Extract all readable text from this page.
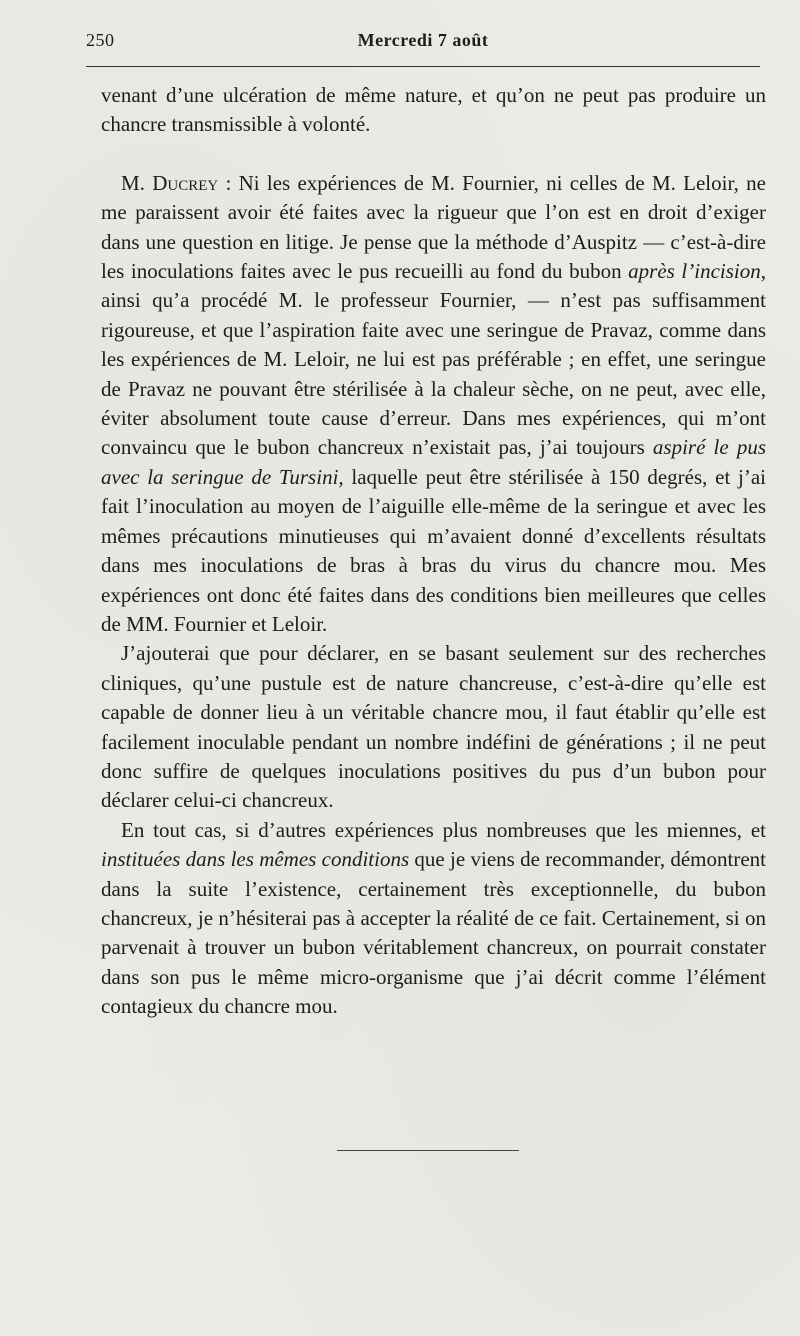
250	Mercredi 7 août

venant d’une ulcération de même nature, et qu’on ne peut pas produire un chancre transmissible à volonté.

M. Ducrey : Ni les expériences de M. Fournier, ni celles de M. Leloir, ne me paraissent avoir été faites avec la rigueur que l’on est en droit d’exiger dans une question en litige. Je pense que la méthode d’Auspitz — c’est-à-dire les inoculations faites avec le pus recueilli au fond du bubon après l’incision, ainsi qu’a procédé M. le professeur Fournier, — n’est pas suffisamment rigoureuse, et que l’aspiration faite avec une seringue de Pravaz, comme dans les expériences de M. Leloir, ne lui est pas préférable ; en effet, une seringue de Pravaz ne pouvant être stérilisée à la chaleur sèche, on ne peut, avec elle, éviter absolument toute cause d’erreur. Dans mes expériences, qui m’ont convaincu que le bubon chancreux n’existait pas, j’ai toujours aspiré le pus avec la seringue de Tursini, laquelle peut être stérilisée à 150 degrés, et j’ai fait l’inoculation au moyen de l’aiguille elle-même de la seringue et avec les mêmes précautions minutieuses qui m’avaient donné d’excellents résultats dans mes inoculations de bras à bras du virus du chancre mou. Mes expériences ont donc été faites dans des conditions bien meilleures que celles de MM. Fournier et Leloir.

J’ajouterai que pour déclarer, en se basant seulement sur des recherches cliniques, qu’une pustule est de nature chancreuse, c’est-à-dire qu’elle est capable de donner lieu à un véritable chancre mou, il faut établir qu’elle est facilement inoculable pendant un nombre indéfini de générations ; il ne peut donc suffire de quelques inoculations positives du pus d’un bubon pour déclarer celui-ci chancreux.

En tout cas, si d’autres expériences plus nombreuses que les miennes, et instituées dans les mêmes conditions que je viens de recommander, démontrent dans la suite l’existence, certainement très exceptionnelle, du bubon chancreux, je n’hésiterai pas à accepter la réalité de ce fait. Certainement, si on parvenait à trouver un bubon véritablement chancreux, on pourrait constater dans son pus le même micro-organisme que j’ai décrit comme l’élément contagieux du chancre mou.
